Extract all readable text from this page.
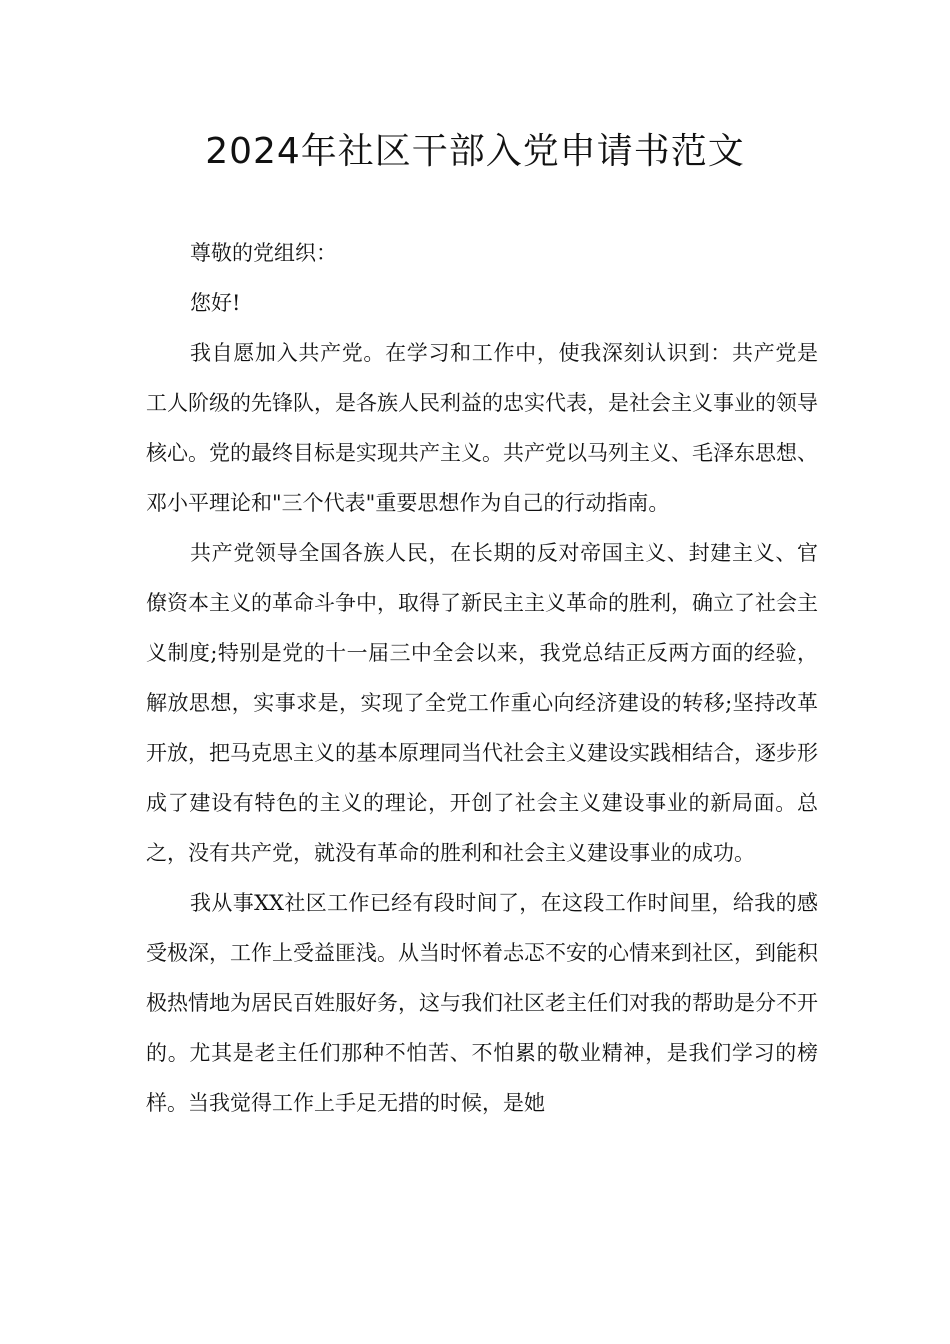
2024年社区干部入党申请书范文

尊敬的党组织：

您好!

我自愿加入共产党。在学习和工作中，使我深刻认识到：共产党是工人阶级的先锋队，是各族人民利益的忠实代表，是社会主义事业的领导核心。党的最终目标是实现共产主义。共产党以马列主义、毛泽东思想、邓小平理论和"三个代表"重要思想作为自己的行动指南。

共产党领导全国各族人民，在长期的反对帝国主义、封建主义、官僚资本主义的革命斗争中，取得了新民主主义革命的胜利，确立了社会主义制度;特别是党的十一届三中全会以来，我党总结正反两方面的经验，解放思想，实事求是，实现了全党工作重心向经济建设的转移;坚持改革开放，把马克思主义的基本原理同当代社会主义建设实践相结合，逐步形成了建设有特色的主义的理论，开创了社会主义建设事业的新局面。总之，没有共产党，就没有革命的胜利和社会主义建设事业的成功。

我从事XX社区工作已经有段时间了，在这段工作时间里，给我的感受极深，工作上受益匪浅。从当时怀着忐忑不安的心情来到社区，到能积极热情地为居民百姓服好务，这与我们社区老主任们对我的帮助是分不开的。尤其是老主任们那种不怕苦、不怕累的敬业精神，是我们学习的榜样。当我觉得工作上手足无措的时候，是她
